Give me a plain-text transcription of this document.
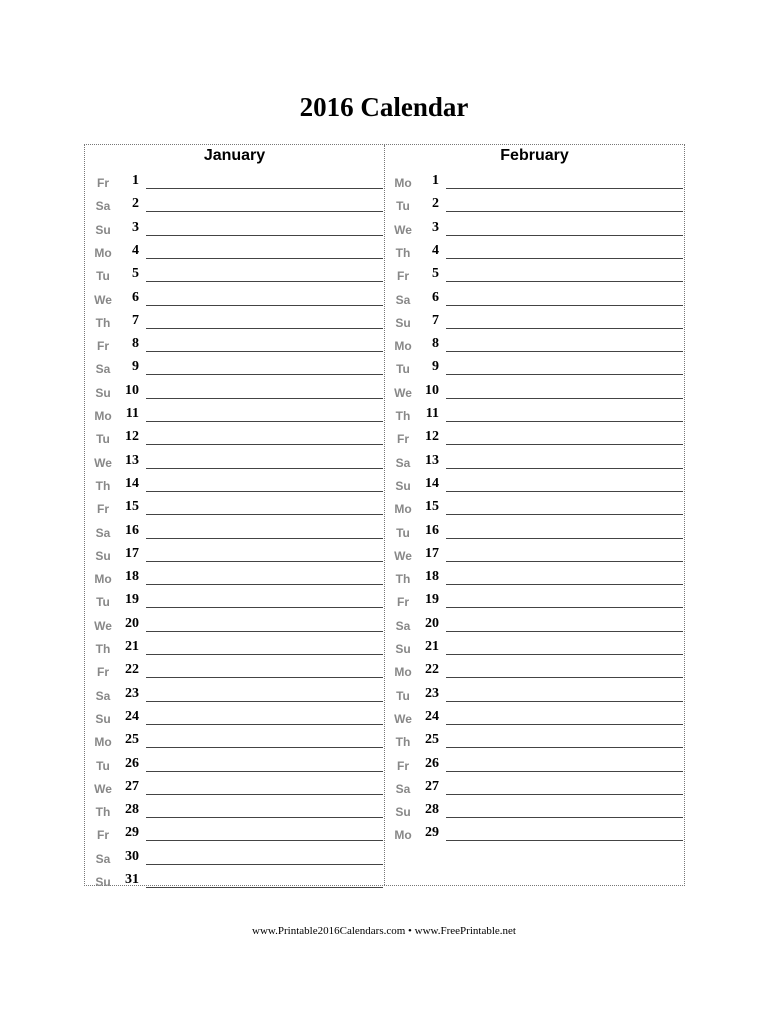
2016 Calendar
January
Fr	1
Sa	2
Su	3
Mo	4
Tu	5
We	6
Th	7
Fr	8
Sa	9
Su	10
Mo	11
Tu	12
We 13
Th	14
Fr	15
Sa	16
Su	17
Mo 18
Tu	19
We 20
Th	21
Fr	22
Sa	23
Su	24
Mo 25
Tu	26
We 27
Th	28
Fr	29
Sa	30
Su	31
February
Mo	1
Tu	2
We	3
Th	4
Fr	5
Sa	6
Su	7
Mo	8
Tu	9
We 10
Th	11
Fr	12
Sa	13
Su	14
Mo 15
Tu	16
We 17
Th	18
Fr	19
Sa	20
Su	21
Mo 22
Tu	23
We 24
Th	25
Fr	26
Sa	27
Su	28
Mo 29
www.Printable2016Calendars.com • www.FreePrintable.net
